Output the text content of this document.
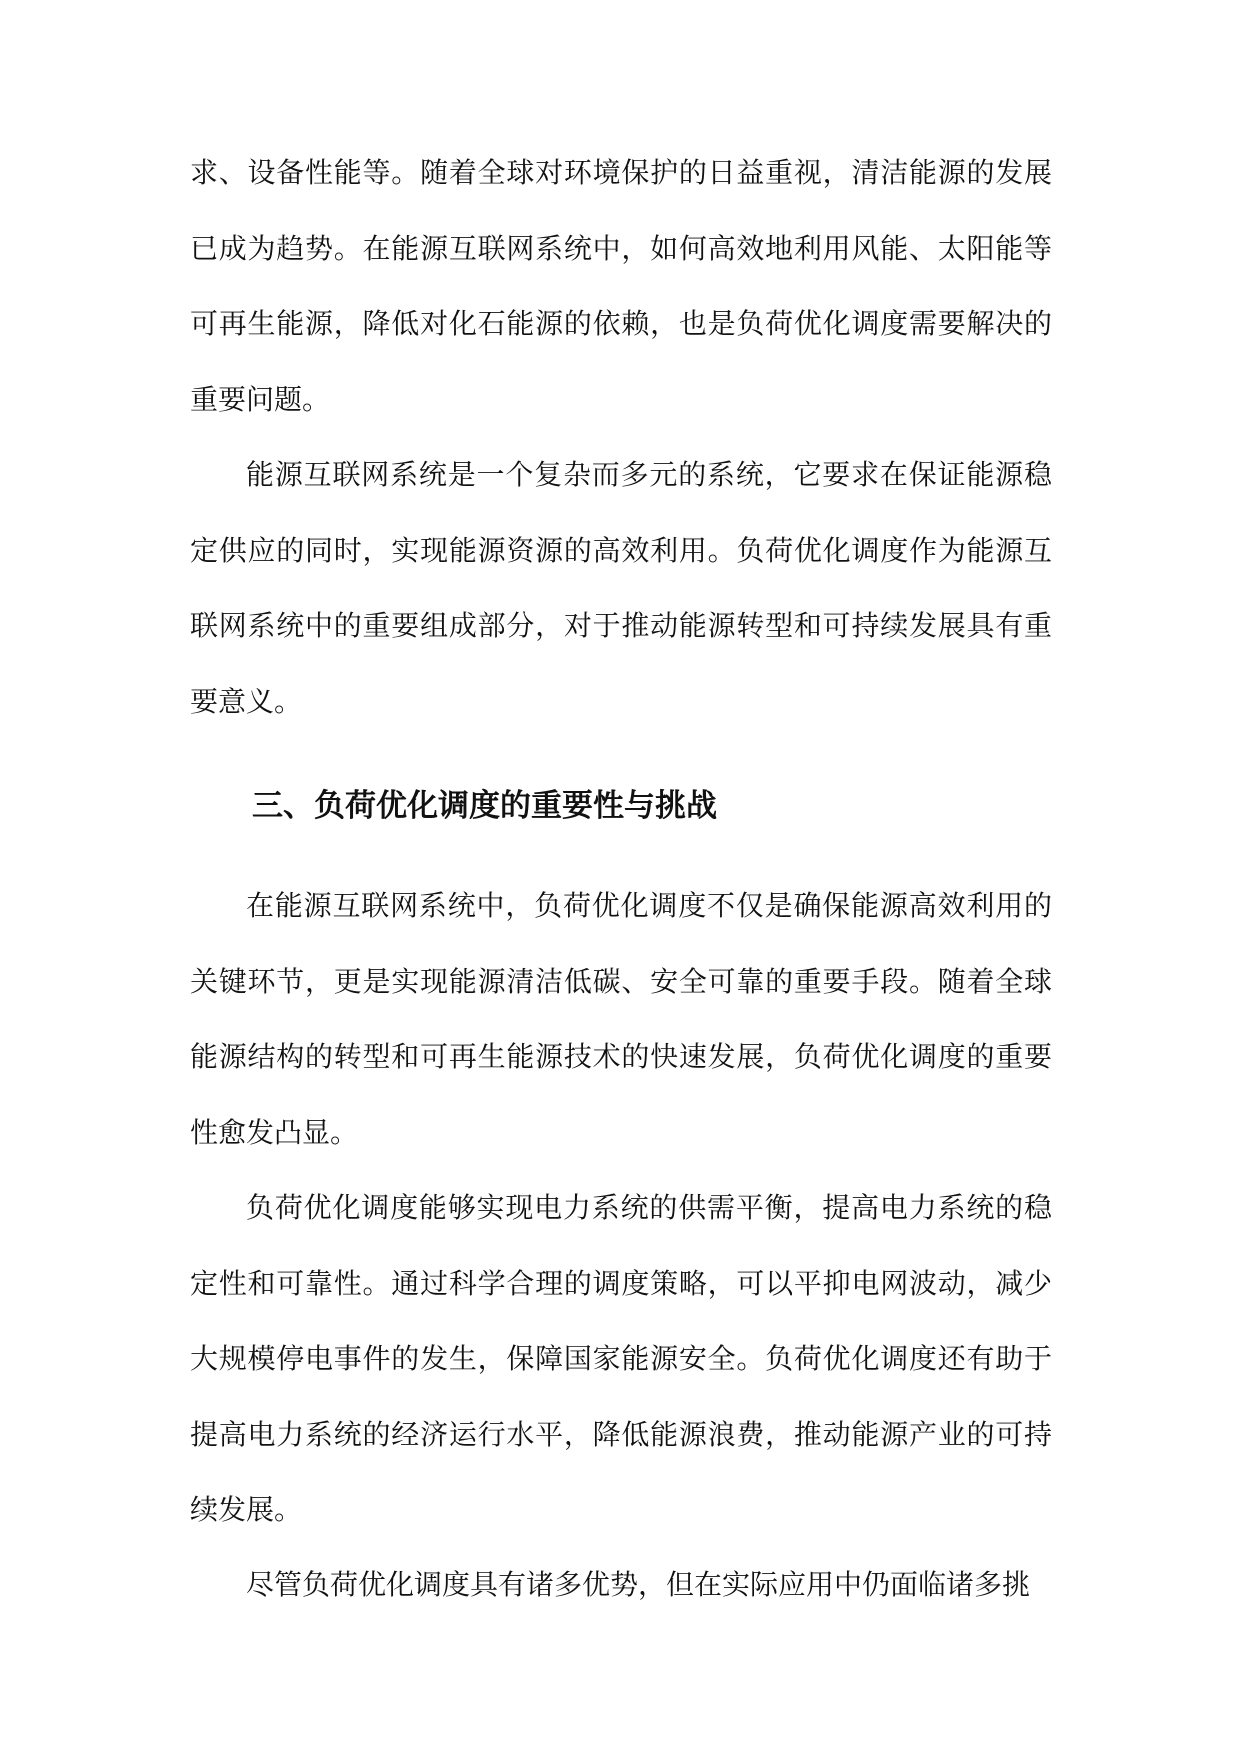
求、设备性能等。随着全球对环境保护的日益重视，清洁能源的发展已成为趋势。在能源互联网系统中，如何高效地利用风能、太阳能等可再生能源，降低对化石能源的依赖，也是负荷优化调度需要解决的重要问题。

能源互联网系统是一个复杂而多元的系统，它要求在保证能源稳定供应的同时，实现能源资源的高效利用。负荷优化调度作为能源互联网系统中的重要组成部分，对于推动能源转型和可持续发展具有重要意义。

三、负荷优化调度的重要性与挑战

在能源互联网系统中，负荷优化调度不仅是确保能源高效利用的关键环节，更是实现能源清洁低碳、安全可靠的重要手段。随着全球能源结构的转型和可再生能源技术的快速发展，负荷优化调度的重要性愈发凸显。

负荷优化调度能够实现电力系统的供需平衡，提高电力系统的稳定性和可靠性。通过科学合理的调度策略，可以平抑电网波动，减少大规模停电事件的发生，保障国家能源安全。负荷优化调度还有助于提高电力系统的经济运行水平，降低能源浪费，推动能源产业的可持续发展。

尽管负荷优化调度具有诸多优势，但在实际应用中仍面临诸多挑
